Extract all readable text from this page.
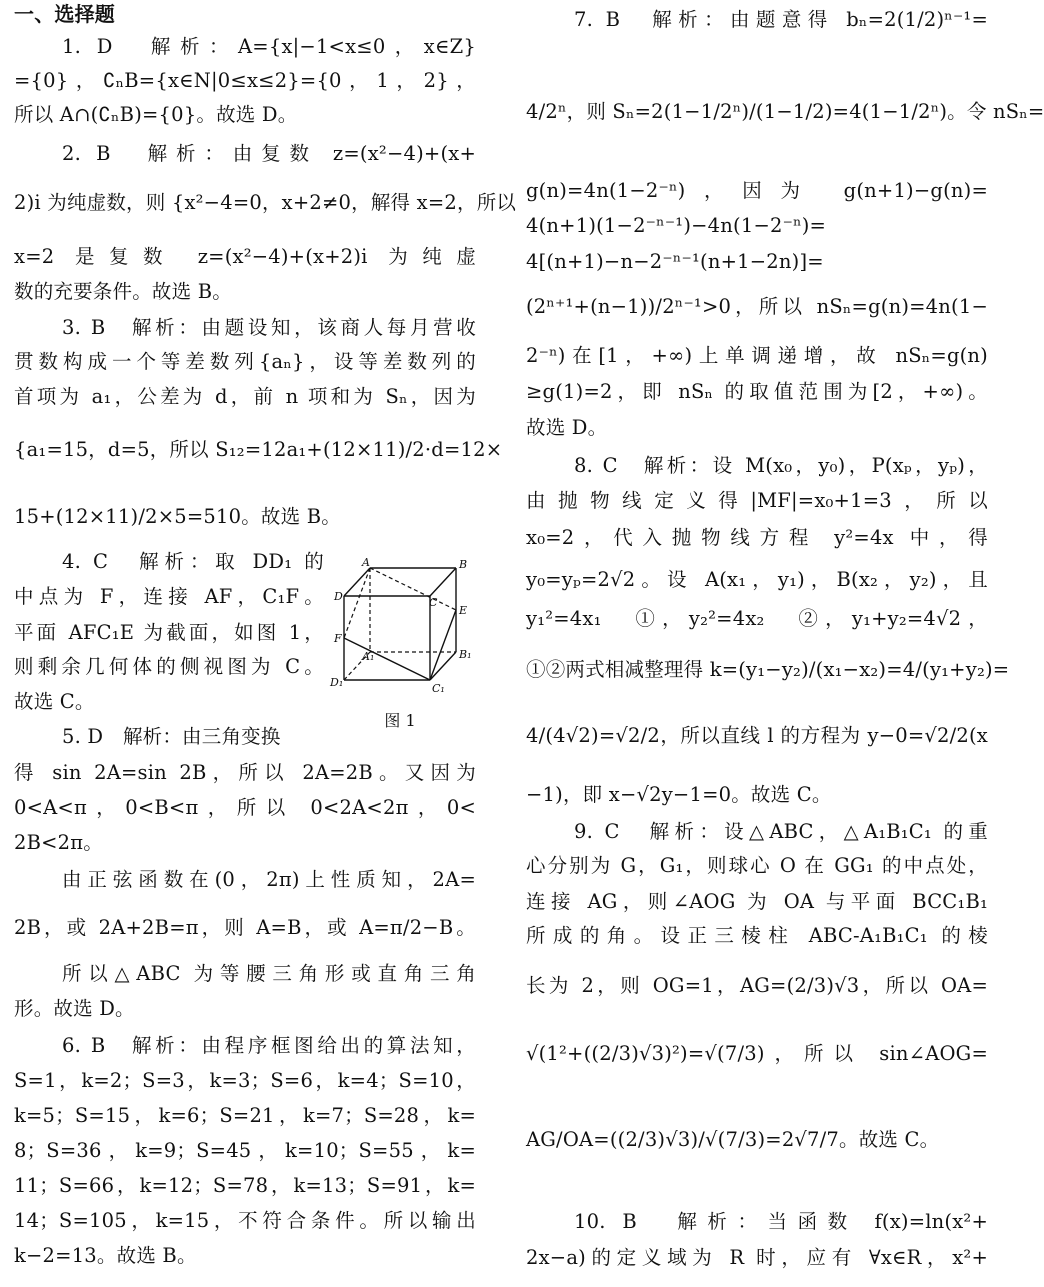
一、选择题
1. D　解析：A={x|−1<x≤0，x∈Z}
={0}，∁ₙB={x∈N|0≤x≤2}={0，1，2}，
所以 A∩(∁ₙB)={0}。故选 D。
2. B　解析：由复数 z=(x²−4)+(x+
2)i 为纯虚数，则 {x²−4=0，x+2≠0，解得 x=2，所以
x=2 是复数 z=(x²−4)+(x+2)i 为纯虚
数的充要条件。故选 B。
3. B　解析：由题设知，该商人每月营收
贯数构成一个等差数列{aₙ}，设等差数列的
首项为 a₁，公差为 d，前 n 项和为 Sₙ，因为
{a₁=15，d=5，所以 S₁₂=12a₁+(12×11)/2·d=12×
15+(12×11)/2×5=510。故选 B。
4. C　解析：取 DD₁ 的
中点为 F，连接 AF，C₁F。
平面 AFC₁E 为截面，如图 1，
则剩余几何体的侧视图为 C。
故选 C。
5. D　解析：由三角变换
得 sin 2A=sin 2B，所以 2A=2B。又因为
0<A<π，0<B<π，所以 0<2A<2π，0<
2B<2π。
由正弦函数在(0，2π)上性质知，2A=
2B，或 2A+2B=π，则 A=B，或 A=π/2−B。
所以△ABC 为等腰三角形或直角三角
形。故选 D。
6. B　解析：由程序框图给出的算法知，
S=1，k=2；S=3，k=3；S=6，k=4；S=10，
k=5；S=15，k=6；S=21，k=7；S=28，k=
8；S=36，k=9；S=45，k=10；S=55，k=
11；S=66，k=12；S=78，k=13；S=91，k=
14；S=105，k=15，不符合条件。所以输出
k−2=13。故选 B。
A	B
C
D
E
F
A₁	B₁
C₁
D₁
图 1
7. B　解析：由题意得 bₙ=2(1/2)ⁿ⁻¹=
4/2ⁿ，则 Sₙ=2(1−1/2ⁿ)/(1−1/2)=4(1−1/2ⁿ)。令 nSₙ=
g(n)=4n(1−2⁻ⁿ)，因为 g(n+1)−g(n)=
4(n+1)(1−2⁻ⁿ⁻¹)−4n(1−2⁻ⁿ)=
4[(n+1)−n−2⁻ⁿ⁻¹(n+1−2n)]=
(2ⁿ⁺¹+(n−1))/2ⁿ⁻¹>0，所以 nSₙ=g(n)=4n(1−
2⁻ⁿ)在[1，+∞)上单调递增，故 nSₙ=g(n)
≥g(1)=2，即 nSₙ 的取值范围为[2，+∞)。
故选 D。
8. C　解析：设 M(x₀，y₀)，P(xₚ，yₚ)，
由抛物线定义得|MF|=x₀+1=3，所以
x₀=2，代入抛物线方程 y²=4x 中，得
y₀=yₚ=2√2。设 A(x₁，y₁)，B(x₂，y₂)，且
y₁²=4x₁　①，y₂²=4x₂　②，y₁+y₂=4√2，
①②两式相减整理得 k=(y₁−y₂)/(x₁−x₂)=4/(y₁+y₂)=
4/(4√2)=√2/2，所以直线 l 的方程为 y−0=√2/2(x
−1)，即 x−√2y−1=0。故选 C。
9. C　解析：设△ABC，△A₁B₁C₁ 的重
心分别为 G，G₁，则球心 O 在 GG₁ 的中点处，
连接 AG，则∠AOG 为 OA 与平面 BCC₁B₁
所成的角。设正三棱柱 ABC-A₁B₁C₁ 的棱
长为 2，则 OG=1，AG=(2/3)√3，所以 OA=
√(1²+((2/3)√3)²)=√(7/3)，所以 sin∠AOG=
AG/OA=((2/3)√3)/√(7/3)=2√7/7。故选 C。
10. B　解析：当函数 f(x)=ln(x²+
2x−a)的定义域为 R 时，应有 ∀x∈R，x²+
